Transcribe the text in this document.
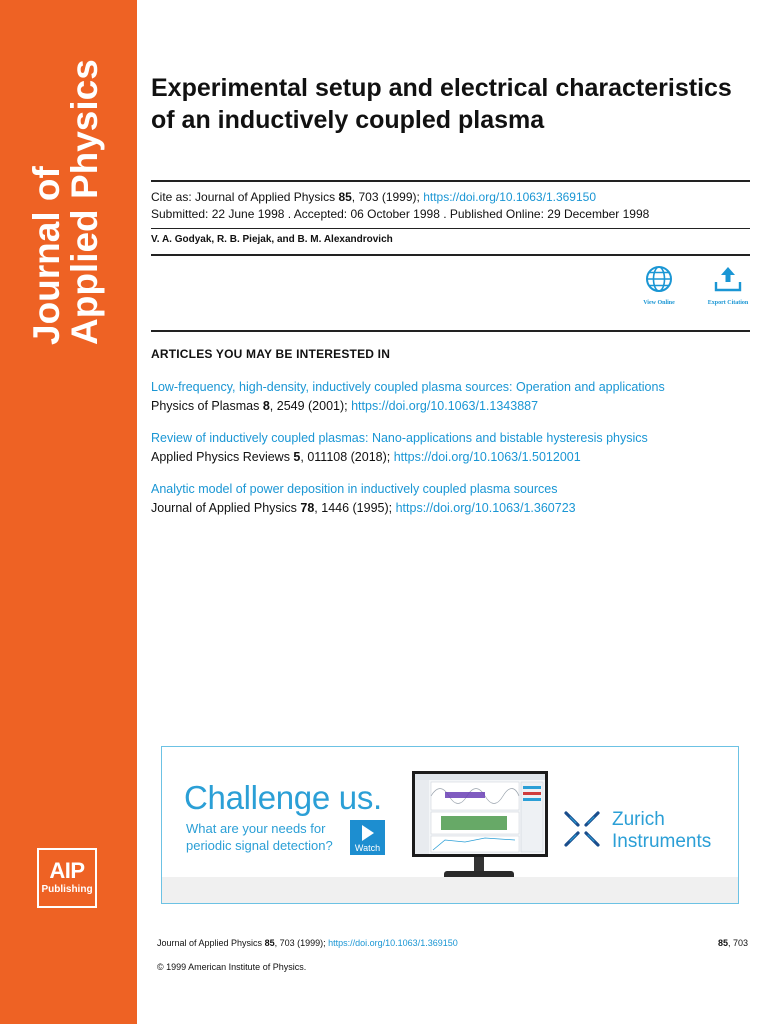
Journal of
Applied Physics
AIP
Publishing
Experimental setup and electrical characteristics of an inductively coupled plasma
Cite as: Journal of Applied Physics 85, 703 (1999); https://doi.org/10.1063/1.369150
Submitted: 22 June 1998 . Accepted: 06 October 1998 . Published Online: 29 December 1998
V. A. Godyak, R. B. Piejak, and B. M. Alexandrovich
View Online	Export Citation
ARTICLES YOU MAY BE INTERESTED IN
Low-frequency, high-density, inductively coupled plasma sources: Operation and applications
Physics of Plasmas 8, 2549 (2001); https://doi.org/10.1063/1.1343887
Review of inductively coupled plasmas: Nano-applications and bistable hysteresis physics
Applied Physics Reviews 5, 011108 (2018); https://doi.org/10.1063/1.5012001
Analytic model of power deposition in inductively coupled plasma sources
Journal of Applied Physics 78, 1446 (1995); https://doi.org/10.1063/1.360723
Challenge us.
What are your needs for
periodic signal detection?	Watch
Zurich
Instruments
Journal of Applied Physics 85, 703 (1999); https://doi.org/10.1063/1.369150	85, 703
© 1999 American Institute of Physics.
